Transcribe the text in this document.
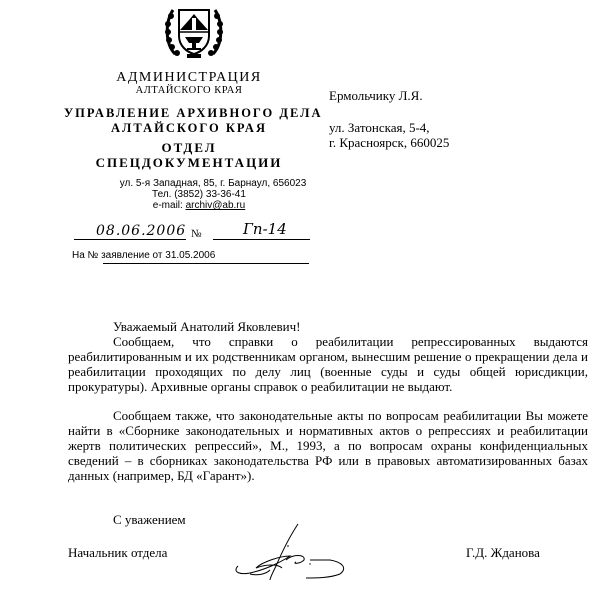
АДМИНИСТРАЦИЯ
АЛТАЙСКОГО КРАЯ
УПРАВЛЕНИЕ АРХИВНОГО ДЕЛА
АЛТАЙСКОГО КРАЯ
ОТДЕЛ
СПЕЦДОКУМЕНТАЦИИ
ул. 5-я Западная, 85, г. Барнаул, 656023
Тел. (3852) 33-36-41
e-mail: archiv@ab.ru
08.06.2006 №	Гп-14
На № заявление от 31.05.2006
Ермольчику Л.Я.
ул. Затонская, 5-4,
г. Красноярск, 660025
Уважаемый Анатолий Яковлевич!
Сообщаем, что справки о реабилитации репрессированных выдаются реабилитированным и их родственникам органом, вынесшим решение о прекращении дела и реабилитации проходящих по делу лиц (военные суды и суды общей юрисдикции, прокуратуры). Архивные органы справок о реабилитации не выдают.
Сообщаем также, что законодательные акты по вопросам реабилитации Вы можете найти в «Сборнике законодательных и нормативных актов о репрессиях и реабилитации жертв политических репрессий», М., 1993, а по вопросам охраны конфиденциальных сведений – в сборниках законодательства РФ или в правовых автоматизированных базах данных (например, БД «Гарант»).
С уважением
Начальник отдела	Г.Д. Жданова
